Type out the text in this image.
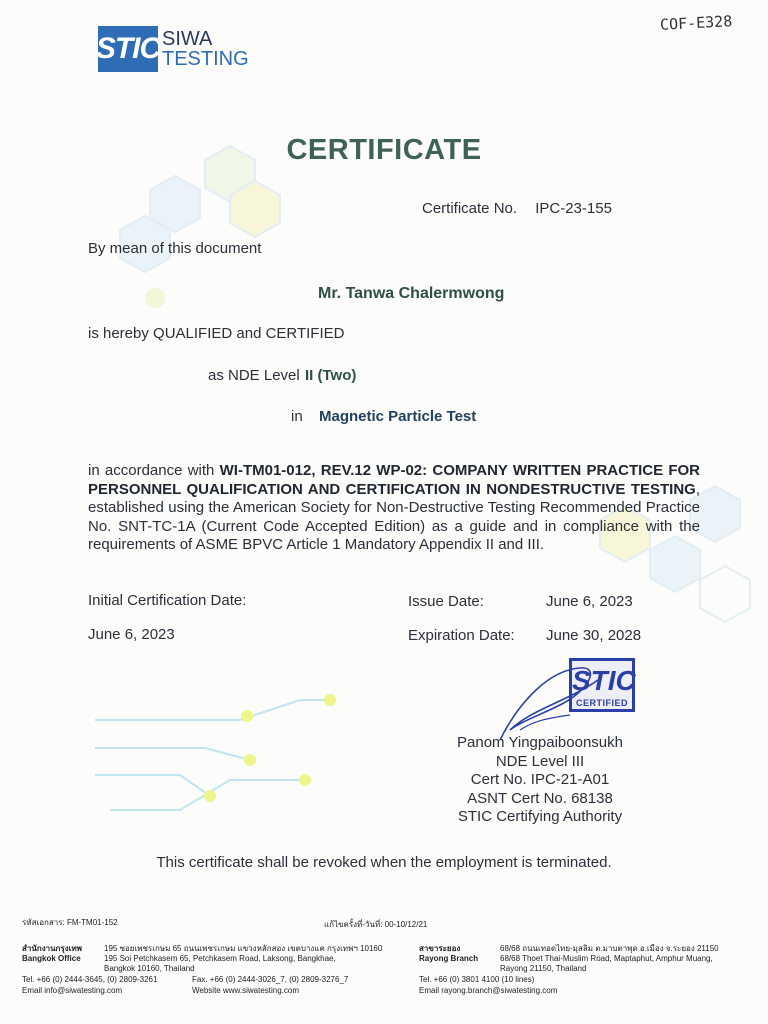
STIC SIWA
TESTING
COF-E328
CERTIFICATE
Certificate No. IPC-23-155
By mean of this document
Mr. Tanwa Chalermwong
is hereby QUALIFIED and CERTIFIED
as NDE Level II (Two)
in Magnetic Particle Test
in accordance with WI-TM01-012, REV.12 WP-02: COMPANY WRITTEN PRACTICE FOR PERSONNEL QUALIFICATION AND CERTIFICATION IN NONDESTRUCTIVE TESTING, established using the American Society for Non-Destructive Testing Recommended Practice No. SNT-TC-1A (Current Code Accepted Edition) as a guide and in compliance with the requirements of ASME BPVC Article 1 Mandatory Appendix II and III.
Initial Certification Date:
June 6, 2023
Issue Date:	June 6, 2023
Expiration Date: June 30, 2028
STIC
CERTIFIED
Panom Yingpaiboonsukh
NDE Level III
Cert No. IPC-21-A01
ASNT Cert No. 68138
STIC Certifying Authority
This certificate shall be revoked when the employment is terminated.
รหัสเอกสาร: FM-TM01-152	แก้ไขครั้งที่-วันที่: 00-10/12/21
สำนักงานกรุงเทพ
Bangkok Office
195 ซอยเพชรเกษม 65 ถนนเพชรเกษม แขวงหลักสอง เขตบางแค กรุงเทพฯ 10160
195 Soi Petchkasem 65, Petchkasem Road, Laksong, Bangkhae,
Bangkok 10160, Thailand
Tel. +66 (0) 2444-3645, (0) 2809-3261	Fax. +66 (0) 2444-3026_7, (0) 2809-3276_7
Email info@siwatesting.com	Website www.siwatesting.com
สาขาระยอง
Rayong Branch
68/68 ถนนเทอดไทย-มุสลิม ต.มาบตาพุด อ.เมือง จ.ระยอง 21150
68/68 Thoet Thai-Muslim Road, Maptaphut, Amphur Muang,
Rayong 21150, Thailand
Tel. +66 (0) 3801 4100 (10 lines)
Email rayong.branch@siwatesting.com
